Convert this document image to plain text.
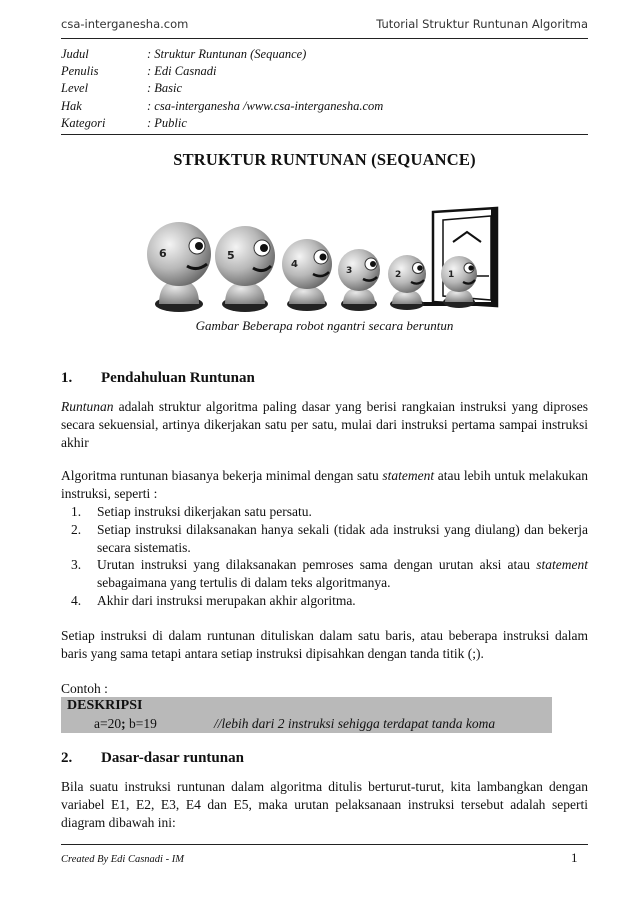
csa-interganesha.com	Tutorial Struktur Runtunan Algoritma
Judul	: Struktur Runtunan (Sequance)
Penulis	: Edi Casnadi
Level	: Basic
Hak	: csa-interganesha /www.csa-interganesha.com
Kategori	: Public
STRUKTUR RUNTUNAN (SEQUANCE)
6	5
4
3	2	1
Gambar Beberapa robot ngantri secara beruntun
1. Pendahuluan Runtunan
Runtunan adalah struktur algoritma paling dasar yang berisi rangkaian instruksi yang diproses secara sekuensial, artinya dikerjakan satu per satu, mulai dari instruksi pertama sampai instruksi akhir
Algoritma runtunan biasanya bekerja minimal dengan satu statement atau lebih untuk melakukan instruksi, seperti :
1. Setiap instruksi dikerjakan satu persatu.
2. Setiap instruksi dilaksanakan hanya sekali (tidak ada instruksi yang diulang) dan bekerja secara sistematis.
3. Urutan instruksi yang dilaksanakan pemroses sama dengan urutan aksi atau statement sebagaimana yang tertulis di dalam teks algoritmanya.
4. Akhir dari instruksi merupakan akhir algoritma.
Setiap instruksi di dalam runtunan dituliskan dalam satu baris, atau beberapa instruksi dalam baris yang sama tetapi antara setiap instruksi dipisahkan dengan tanda titik (;).
Contoh :
DESKRIPSI
a=20; b=19	//lebih dari 2 instruksi sehigga terdapat tanda koma
2. Dasar-dasar runtunan
Bila suatu instruksi runtunan dalam algoritma ditulis berturut-turut, kita lambangkan dengan variabel E1, E2, E3, E4 dan E5, maka urutan pelaksanaan instruksi tersebut adalah seperti diagram dibawah ini:
Created By Edi Casnadi - IM	1
